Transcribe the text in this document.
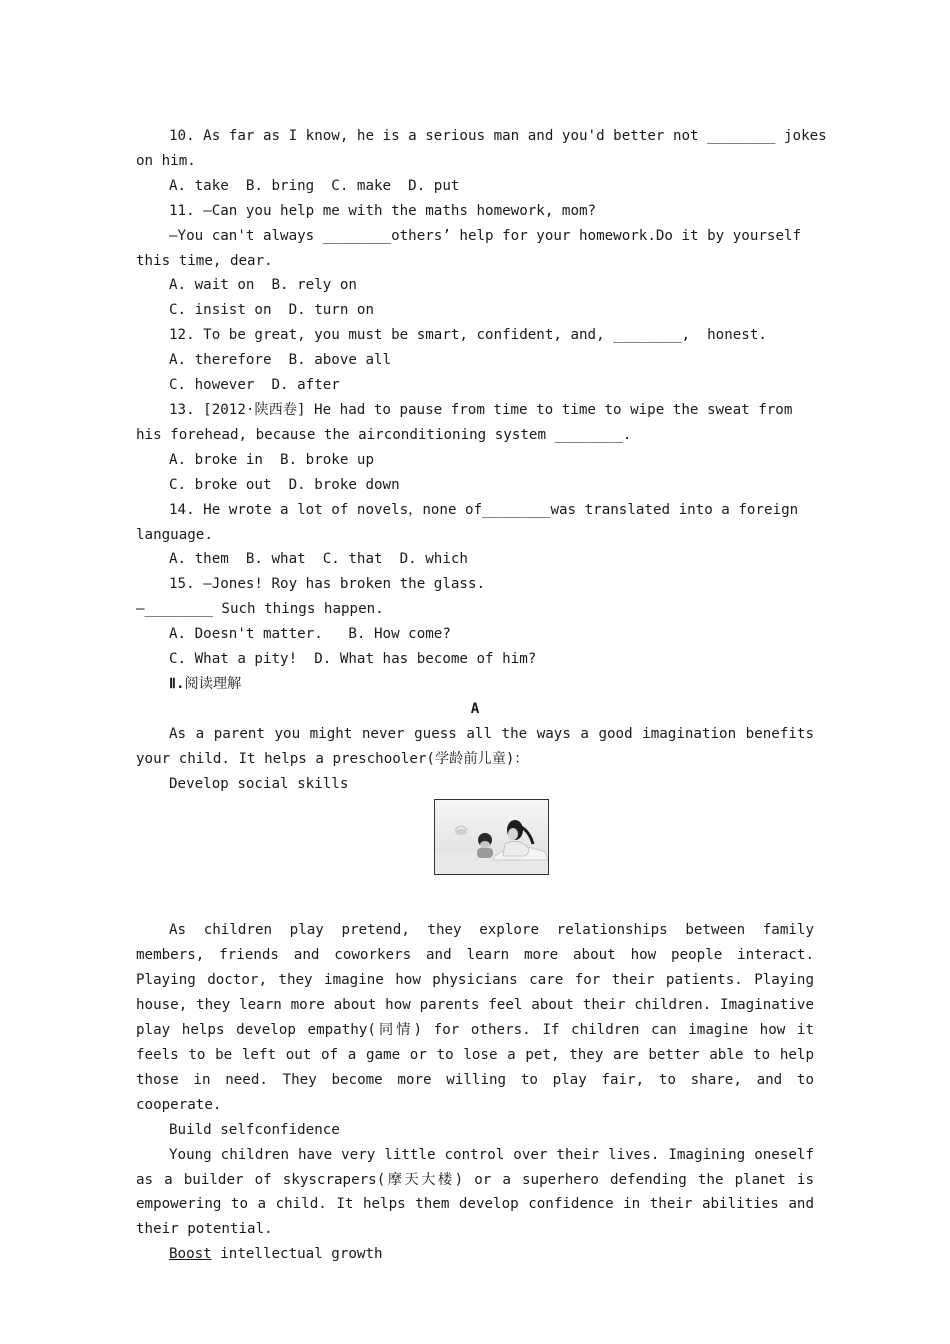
10. As far as I know, he is a serious man and you'd better not ________ jokes
on him.
A. take  B. bring  C. make  D. put
11. —Can you help me with the maths homework, mom?
—You can't always ________others’ help for your homework.Do it by yourself
this time, dear.
A. wait on  B. rely on
C. insist on  D. turn on
12. To be great, you must be smart, confident, and, ________,  honest.
A. therefore  B. above all
C. however  D. after
13. [2012·陕西卷] He had to pause from time to time to wipe the sweat from
his forehead, because the airconditioning system ________.
A. broke in  B. broke up
C. broke out  D. broke down
14. He wrote a lot of novels，none of________was translated into a foreign
language.
A. them  B. what  C. that  D. which
15. —Jones! Roy has broken the glass.
—________ Such things happen.
A. Doesn't matter.   B. How come?
C. What a pity!  D. What has become of him?
Ⅱ.阅读理解
A
As a parent you might never guess all the ways a good imagination benefits your child. It helps a preschooler(学龄前儿童)：
Develop social skills
As children play pretend, they explore relationships between family members, friends and coworkers and learn more about how people interact. Playing doctor, they imagine how physicians care for their patients. Playing house, they learn more about how parents feel about their children. Imaginative play helps develop empathy(同情) for others. If children can imagine how it feels to be left out of a game or to lose a pet, they are better able to help those in need. They become more willing to play fair, to share, and to cooperate.
Build selfconfidence
Young children have very little control over their lives. Imagining oneself as a builder of skyscrapers(摩天大楼) or a superhero defending the planet is empowering to a child. It helps them develop confidence in their abilities and their potential.
Boost intellectual growth
